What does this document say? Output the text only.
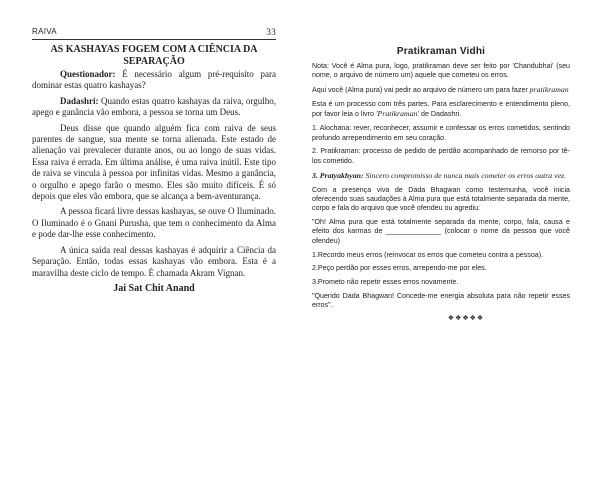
RAIVA	33
AS KASHAYAS FOGEM COM A CIÊNCIA DA SEPARAÇÃO

Questionador: É necessário algum pré-requisito para dominar estas quatro kashayas?

Dadashri: Quando estas quatro kashayas da raiva, orgulho, apego e ganância vão embora, a pessoa se torna um Deus.

Deus disse que quando alguém fica com raiva de seus parentes de sangue, sua mente se torna alienada. Este estado de alienação vai prevalecer durante anos, ou ao longo de suas vidas. Essa raiva é errada. Em última análise, é uma raiva inútil. Este tipo de raiva se vincula à pessoa por infinitas vidas. Mesmo a ganância, o orgulho e apego farão o mesmo. Eles são muito difíceis. É só depois que eles vão embora, que se alcança a bem-aventurança.

A pessoa ficará livre dessas kashayas, se ouve O Iluminado. O Iluminado é o Gnani Purusha, que tem o conhecimento da Alma e pode dar-lhe esse conhecimento.

A única saída real dessas kashayas é adquirir a Ciência da Separação. Então, todas essas kashayas vão embora. Esta é a maravilha deste ciclo de tempo. É chamada Akram Vignan.

Jai Sat Chit Anand
Pratikraman Vidhi

Nota: Você é Alma pura, logo, pratikraman deve ser feito por 'Chandubhai' (seu nome, o arquivo de número um) aquele que cometeu os erros.

Aqui você (Alma pura) vai pedir ao arquivo de número um para fazer pratikraman

Esta é um processo com três partes. Para esclarecimento e entendimento pleno, por favor leia o livro 'Pratikraman' de Dadashri.

1. Alochana: rever, reconhecer, assumir e confessar os erros cometidos, sentindo profundo arrependimento em seu coração.

2. Pratikraman: processo de pedido de perdão acompanhado de remorso por tê-los cometido.

3. Pratyakhyan: Sincero compromisso de nunca mais cometer os erros outra vez.

Com a presença viva de Dada Bhagwan como testemunha, você inicia oferecendo suas saudações à Alma pura que está totalmente separada da mente, corpo e fala do arquivo que você ofendeu ou agrediu:

"Oh! Alma pura que está totalmente separada da mente, corpo, fala, causa e efeito dos karmas de ______________ (colocar o nome da pessoa que você ofendeu)

1.Recordo meus erros (reinvocar os erros que cometeu contra a pessoa).

2.Peço perdão por esses erros, arrependo-me por eles.

3.Prometo não repetir esses erros novamente.

"Querido Dada Bhagwan! Concede-me energia absoluta para não repetir esses erros".

❖❖❖❖❖
